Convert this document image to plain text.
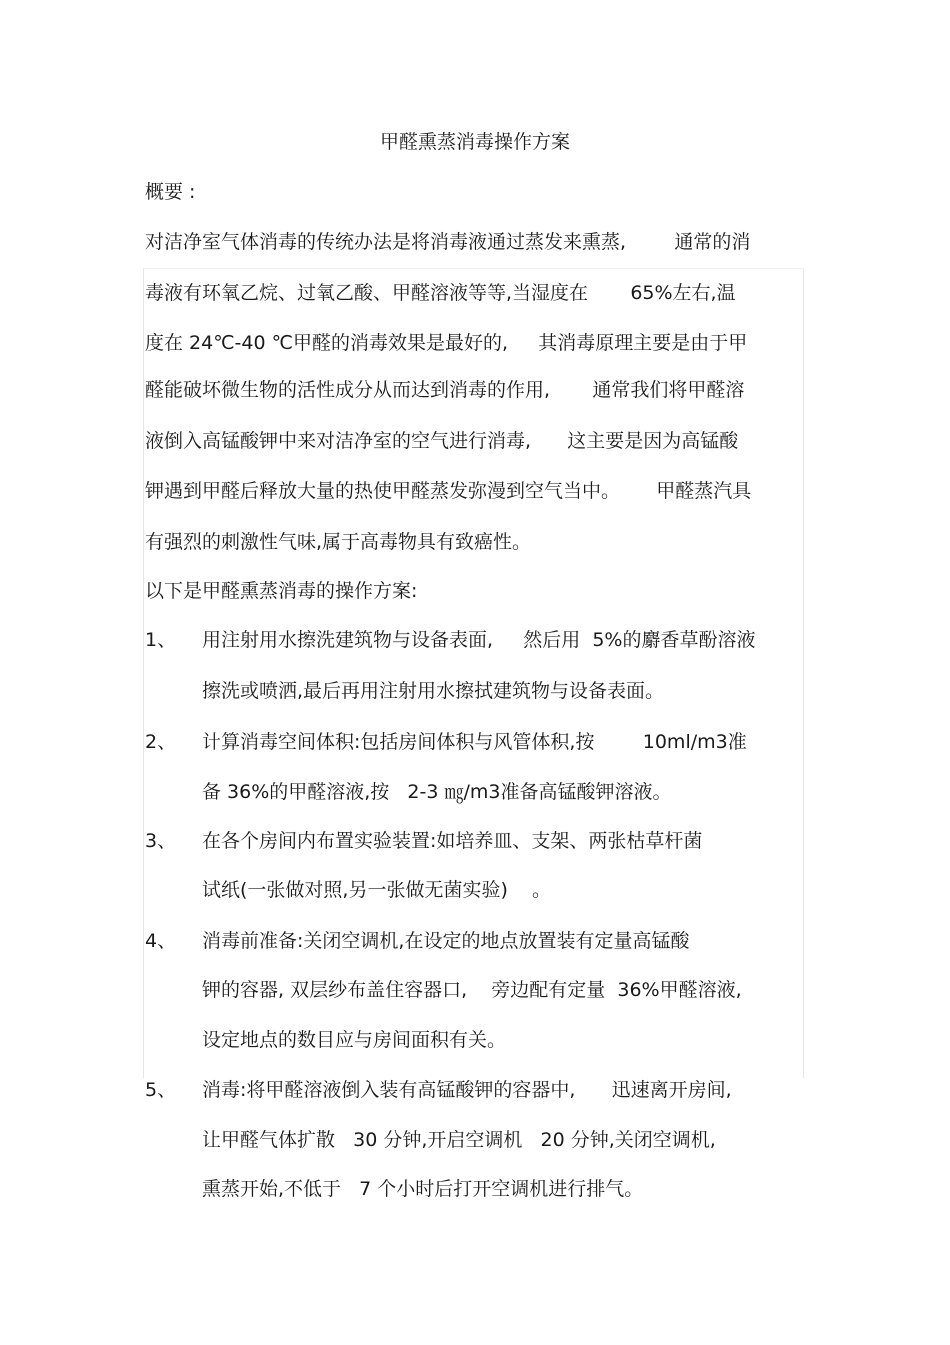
甲醛熏蒸消毒操作方案
概要 :
对洁净室气体消毒的传统办法是将消毒液通过蒸发来熏蒸,        通常的消
毒液有环氧乙烷、过氧乙酸、甲醛溶液等等,当湿度在       65%左右,温
度在 24℃-40 ℃甲醛的消毒效果是最好的,     其消毒原理主要是由于甲
醛能破坏微生物的活性成分从而达到消毒的作用,       通常我们将甲醛溶
液倒入高锰酸钾中来对洁净室的空气进行消毒,      这主要是因为高锰酸
钾遇到甲醛后释放大量的热使甲醛蒸发弥漫到空气当中。      甲醛蒸汽具
有强烈的刺激性气味,属于高毒物具有致癌性。
以下是甲醛熏蒸消毒的操作方案:
1、 用注射用水擦洗建筑物与设备表面,     然后用  5%的麝香草酚溶液
擦洗或喷洒,最后再用注射用水擦拭建筑物与设备表面。
2、 计算消毒空间体积:包括房间体积与风管体积,按        10ml/m3准
备 36%的甲醛溶液,按   2-3 ㎎/m3准备高锰酸钾溶液。
3、 在各个房间内布置实验装置:如培养皿、支架、两张枯草杆菌
试纸(一张做对照,另一张做无菌实验)    。
4、 消毒前准备:关闭空调机,在设定的地点放置装有定量高锰酸
钾的容器, 双层纱布盖住容器口,    旁边配有定量  36%甲醛溶液,
设定地点的数目应与房间面积有关。
5、 消毒:将甲醛溶液倒入装有高锰酸钾的容器中,      迅速离开房间,
让甲醛气体扩散   30 分钟,开启空调机   20 分钟,关闭空调机,
熏蒸开始,不低于   7 个小时后打开空调机进行排气。
